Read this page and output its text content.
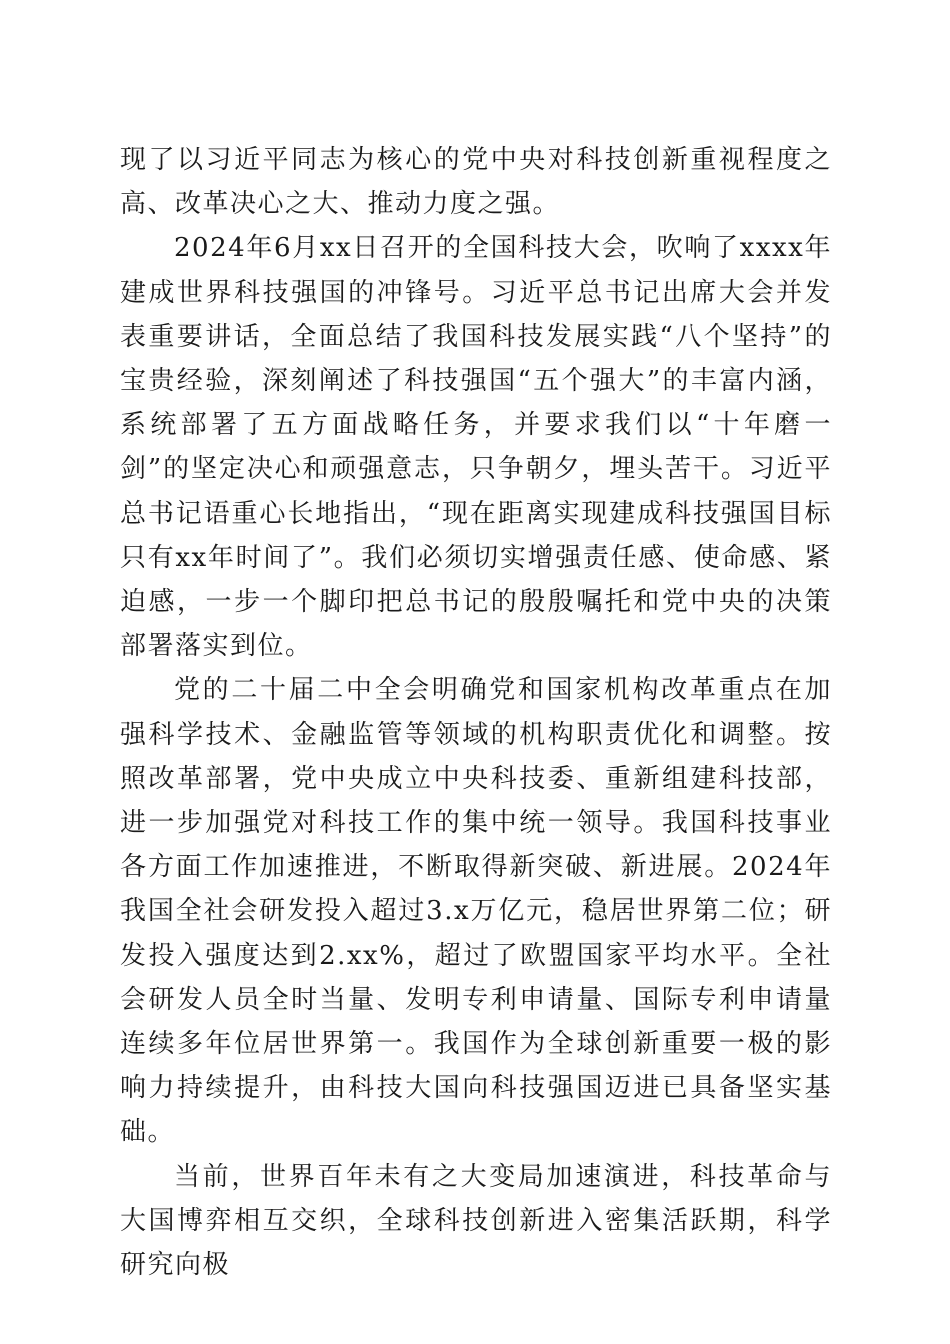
现了以习近平同志为核心的党中央对科技创新重视程度之高、改革决心之大、推动力度之强。

2024年6月xx日召开的全国科技大会，吹响了xxxx年建成世界科技强国的冲锋号。习近平总书记出席大会并发表重要讲话，全面总结了我国科技发展实践“八个坚持”的宝贵经验，深刻阐述了科技强国“五个强大”的丰富内涵，系统部署了五方面战略任务，并要求我们以“十年磨一剑”的坚定决心和顽强意志，只争朝夕，埋头苦干。习近平总书记语重心长地指出，“现在距离实现建成科技强国目标只有xx年时间了”。我们必须切实增强责任感、使命感、紧迫感，一步一个脚印把总书记的殷殷嘱托和党中央的决策部署落实到位。

党的二十届二中全会明确党和国家机构改革重点在加强科学技术、金融监管等领域的机构职责优化和调整。按照改革部署，党中央成立中央科技委、重新组建科技部，进一步加强党对科技工作的集中统一领导。我国科技事业各方面工作加速推进，不断取得新突破、新进展。2024年我国全社会研发投入超过3.x万亿元，稳居世界第二位；研发投入强度达到2.xx%，超过了欧盟国家平均水平。全社会研发人员全时当量、发明专利申请量、国际专利申请量连续多年位居世界第一。我国作为全球创新重要一极的影响力持续提升，由科技大国向科技强国迈进已具备坚实基础。

当前，世界百年未有之大变局加速演进，科技革命与大国博弈相互交织，全球科技创新进入密集活跃期，科学研究向极
